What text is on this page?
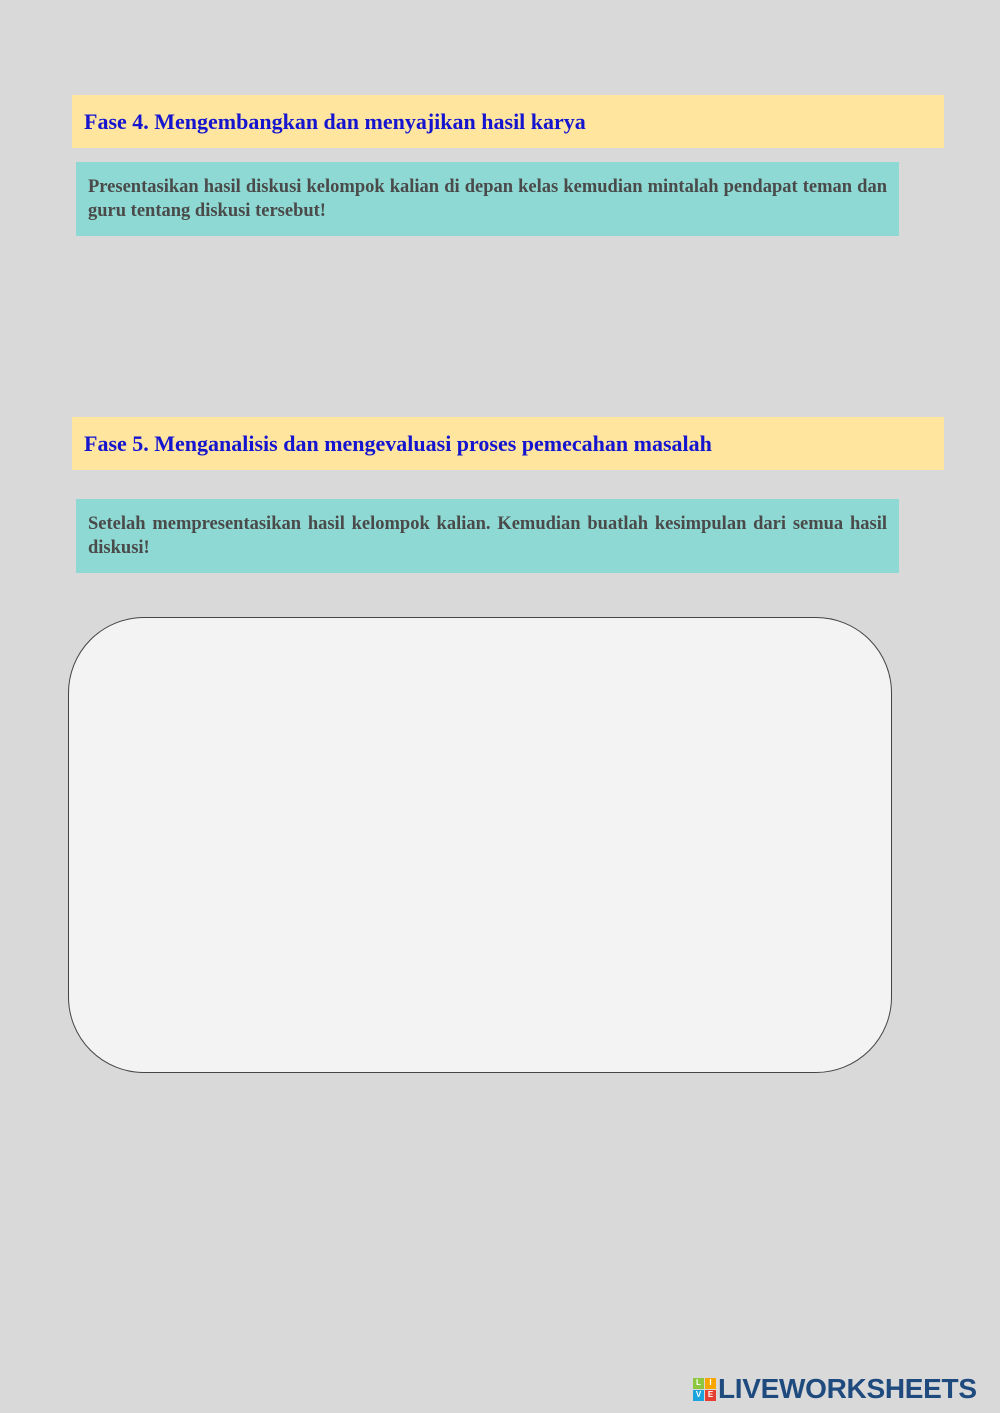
Fase 4. Mengembangkan dan menyajikan hasil karya

Presentasikan hasil diskusi kelompok kalian di depan kelas kemudian mintalah pendapat teman dan guru tentang diskusi tersebut!

Fase 5. Menganalisis dan mengevaluasi proses pemecahan masalah

Setelah mempresentasikan hasil kelompok kalian. Kemudian buatlah kesimpulan dari semua hasil diskusi!

L	I
V E LIVEWORKSHEETS
